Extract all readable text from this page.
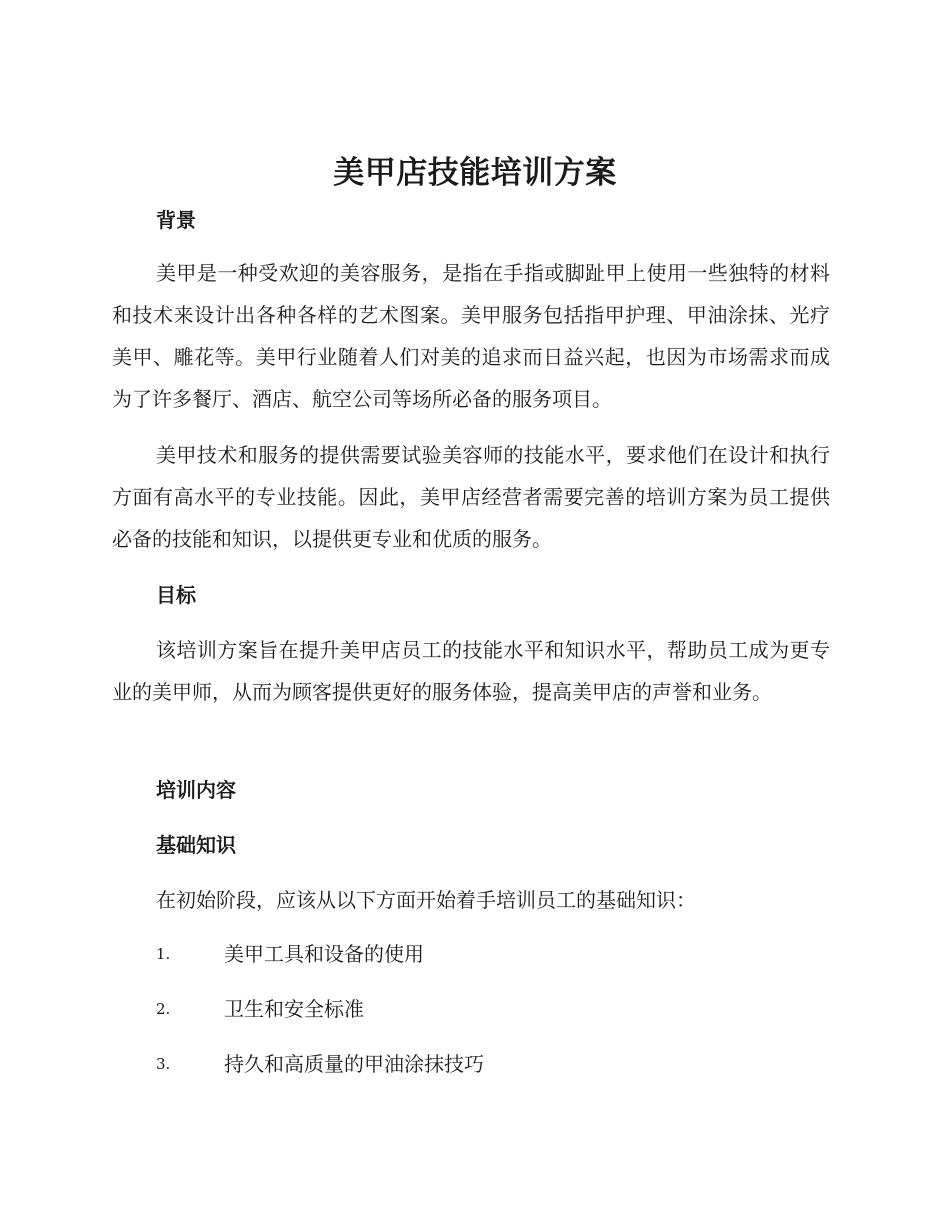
美甲店技能培训方案
背景

美甲是一种受欢迎的美容服务，是指在手指或脚趾甲上使用一些独特的材料和技术来设计出各种各样的艺术图案。美甲服务包括指甲护理、甲油涂抹、光疗美甲、雕花等。美甲行业随着人们对美的追求而日益兴起，也因为市场需求而成为了许多餐厅、酒店、航空公司等场所必备的服务项目。

美甲技术和服务的提供需要试验美容师的技能水平，要求他们在设计和执行方面有高水平的专业技能。因此，美甲店经营者需要完善的培训方案为员工提供必备的技能和知识，以提供更专业和优质的服务。

目标

该培训方案旨在提升美甲店员工的技能水平和知识水平，帮助员工成为更专业的美甲师，从而为顾客提供更好的服务体验，提高美甲店的声誉和业务。

培训内容
基础知识
在初始阶段，应该从以下方面开始着手培训员工的基础知识：
1.	美甲工具和设备的使用
2.	卫生和安全标准
3.	持久和高质量的甲油涂抹技巧
